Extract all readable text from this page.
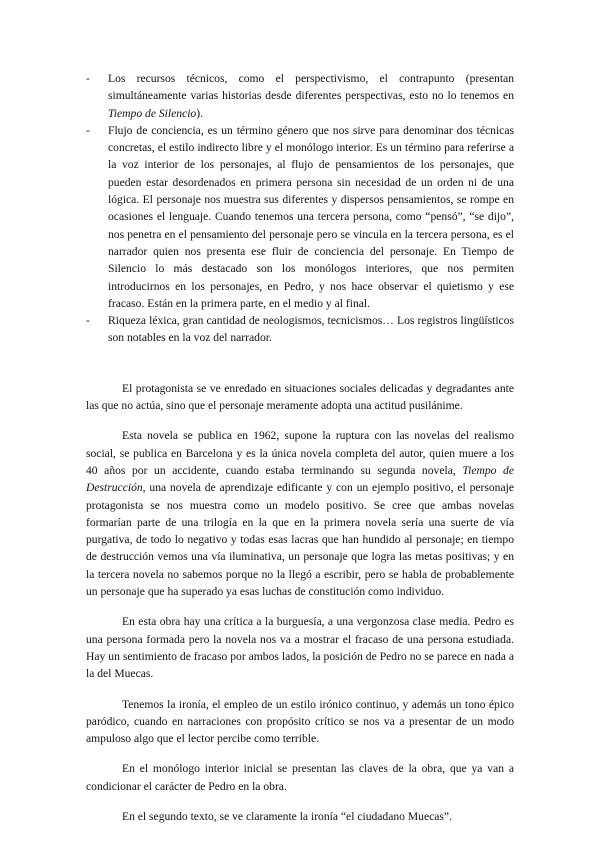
- Los recursos técnicos, como el perspectivismo, el contrapunto (presentan simultáneamente varias historias desde diferentes perspectivas, esto no lo tenemos en Tiempo de Silencio).
- Flujo de conciencia, es un término género que nos sirve para denominar dos técnicas concretas, el estilo indirecto libre y el monólogo interior. Es un término para referirse a la voz interior de los personajes, al flujo de pensamientos de los personajes, que pueden estar desordenados en primera persona sin necesidad de un orden ni de una lógica. El personaje nos muestra sus diferentes y dispersos pensamientos, se rompe en ocasiones el lenguaje. Cuando tenemos una tercera persona, como “pensó”, “se dijo”, nos penetra en el pensamiento del personaje pero se vincula en la tercera persona, es el narrador quien nos presenta ese fluir de conciencia del personaje. En Tiempo de Silencio lo más destacado son los monólogos interiores, que nos permiten introducirnos en los personajes, en Pedro, y nos hace observar el quietismo y ese fracaso. Están en la primera parte, en el medio y al final.
- Riqueza léxica, gran cantidad de neologismos, tecnicismos… Los registros lingüísticos son notables en la voz del narrador.

El protagonista se ve enredado en situaciones sociales delicadas y degradantes ante las que no actúa, sino que el personaje meramente adopta una actitud pusilánime.

Esta novela se publica en 1962, supone la ruptura con las novelas del realismo social, se publica en Barcelona y es la única novela completa del autor, quien muere a los 40 años por un accidente, cuando estaba terminando su segunda novela, Tiempo de Destrucción, una novela de aprendizaje edificante y con un ejemplo positivo, el personaje protagonista se nos muestra como un modelo positivo. Se cree que ambas novelas formarían parte de una trilogía en la que en la primera novela sería una suerte de vía purgativa, de todo lo negativo y todas esas lacras que han hundido al personaje; en tiempo de destrucción vemos una vía iluminativa, un personaje que logra las metas positivas; y en la tercera novela no sabemos porque no la llegó a escribir, pero se habla de probablemente un personaje que ha superado ya esas luchas de constitución como individuo.

En esta obra hay una crítica a la burguesía, a una vergonzosa clase media. Pedro es una persona formada pero la novela nos va a mostrar el fracaso de una persona estudiada. Hay un sentimiento de fracaso por ambos lados, la posición de Pedro no se parece en nada a la del Muecas.

Tenemos la ironía, el empleo de un estilo irónico continuo, y además un tono épico paródico, cuando en narraciones con propósito crítico se nos va a presentar de un modo ampuloso algo que el lector percibe como terrible.

En el monólogo interior inicial se presentan las claves de la obra, que ya van a condicionar el carácter de Pedro en la obra.

En el segundo texto, se ve claramente la ironía “el ciudadano Muecas”.
